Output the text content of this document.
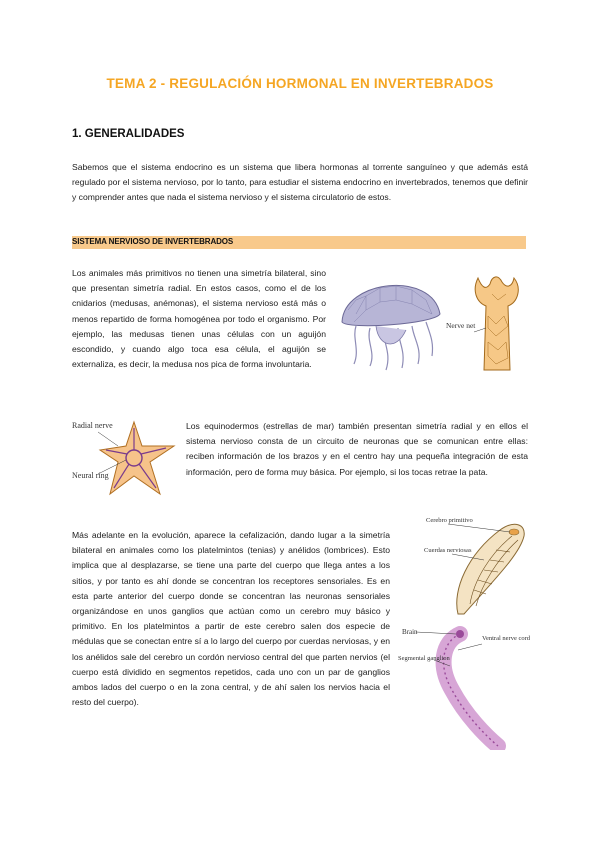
TEMA 2 - REGULACIÓN HORMONAL EN INVERTEBRADOS
1. GENERALIDADES

Sabemos que el sistema endocrino es un sistema que libera hormonas al torrente sanguíneo y que además está regulado por el sistema nervioso, por lo tanto, para estudiar el sistema endocrino en invertebrados, tenemos que definir y comprender antes que nada el sistema nervioso y el sistema circulatorio de estos.

SISTEMA NERVIOSO DE INVERTEBRADOS

Los animales más primitivos no tienen una simetría bilateral, sino que presentan simetría radial. En estos casos, como el de los cnidarios (medusas, anémonas), el sistema nervioso está más o menos repartido de forma homogénea por todo el organismo. Por ejemplo, las medusas tienen unas células con un aguijón escondido, y cuando algo toca esa célula, el aguijón se externaliza, es decir, la medusa nos pica de forma involuntaria.

Nerve net
Radial nerve
Neural ring

Los equinodermos (estrellas de mar) también presentan simetría radial y en ellos el sistema nervioso consta de un circuito de neuronas que se comunican entre ellas: reciben información de los brazos y en el centro hay una pequeña integración de esta información, pero de forma muy básica. Por ejemplo, si los tocas retrae la pata.

Más adelante en la evolución, aparece la cefalización, dando lugar a la simetría bilateral en animales como los platelmintos (tenias) y anélidos (lombrices). Esto implica que al desplazarse, se tiene una parte del cuerpo que llega antes a los sitios, y por tanto es ahí donde se concentran los receptores sensoriales. Es en esta parte anterior del cuerpo donde se concentran las neuronas sensoriales organizándose en unos ganglios que actúan como un cerebro muy básico y primitivo. En los platelmintos a partir de este cerebro salen dos especie de médulas que se conectan entre sí a lo largo del cuerpo por cuerdas nerviosas, y en los anélidos sale del cerebro un cordón nervioso central del que parten nervios (el cuerpo está dividido en segmentos repetidos, cada uno con un par de ganglios ambos lados del cuerpo o en la zona central, y de ahí salen los nervios hacia el resto del cuerpo).

Cerebro primitivo
Cuerdas nerviosas
Brain
Ventral nerve cord
Segmental ganglion
